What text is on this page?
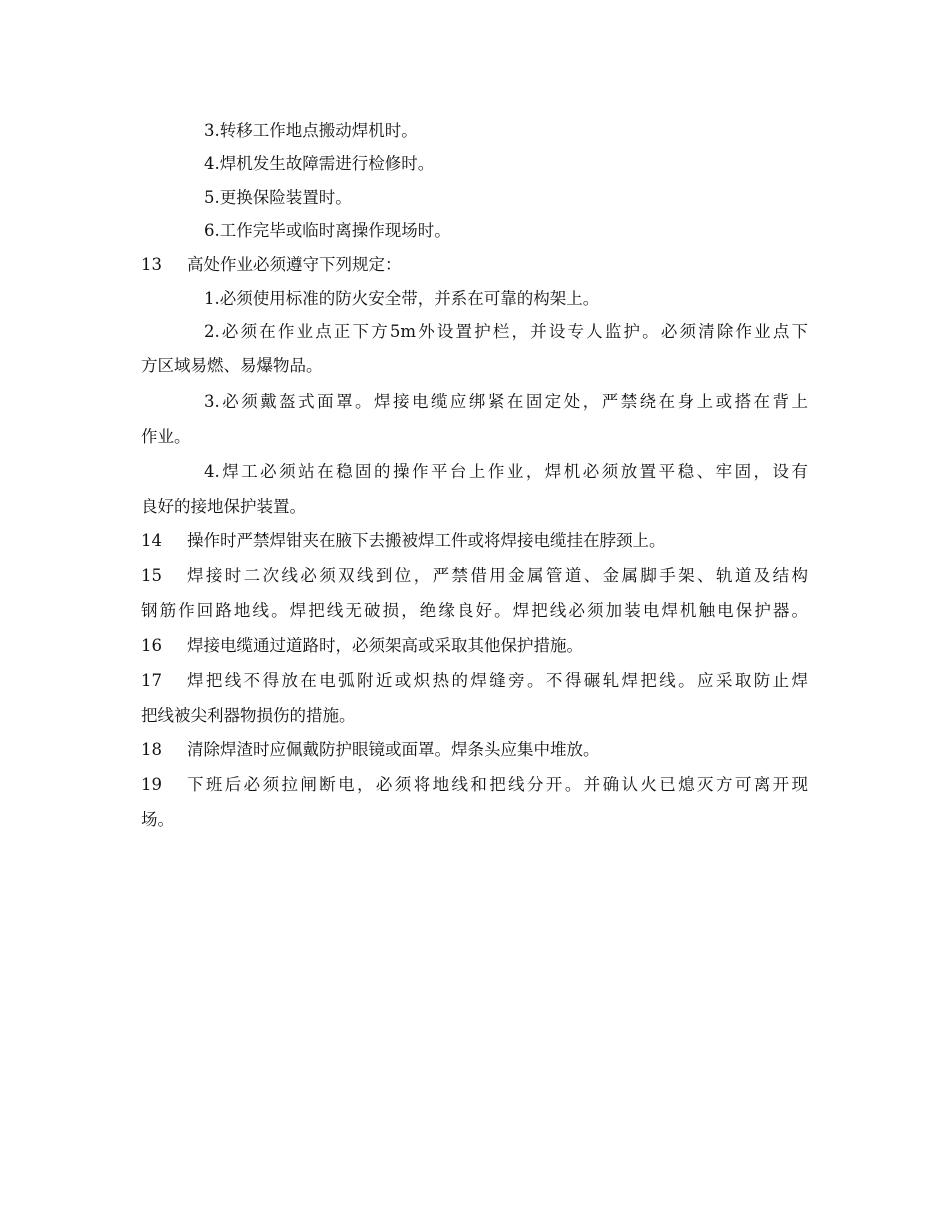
3.转移工作地点搬动焊机时。
4.焊机发生故障需进行检修时。
5.更换保险装置时。
6.工作完毕或临时离操作现场时。
13 高处作业必须遵守下列规定：
1.必须使用标准的防火安全带，并系在可靠的构架上。
2.必须在作业点正下方5m外设置护栏，并设专人监护。必须清除作业点下
方区域易燃、易爆物品。
3.必须戴盔式面罩。焊接电缆应绑紧在固定处，严禁绕在身上或搭在背上
作业。
4.焊工必须站在稳固的操作平台上作业，焊机必须放置平稳、牢固，设有
良好的接地保护装置。
14 操作时严禁焊钳夹在腋下去搬被焊工件或将焊接电缆挂在脖颈上。
15 焊接时二次线必须双线到位，严禁借用金属管道、金属脚手架、轨道及结构
钢筋作回路地线。焊把线无破损，绝缘良好。焊把线必须加装电焊机触电保护器。
16 焊接电缆通过道路时，必须架高或采取其他保护措施。
17 焊把线不得放在电弧附近或炽热的焊缝旁。不得碾轧焊把线。应采取防止焊
把线被尖利器物损伤的措施。
18 清除焊渣时应佩戴防护眼镜或面罩。焊条头应集中堆放。
19 下班后必须拉闸断电，必须将地线和把线分开。并确认火已熄灭方可离开现
场。
